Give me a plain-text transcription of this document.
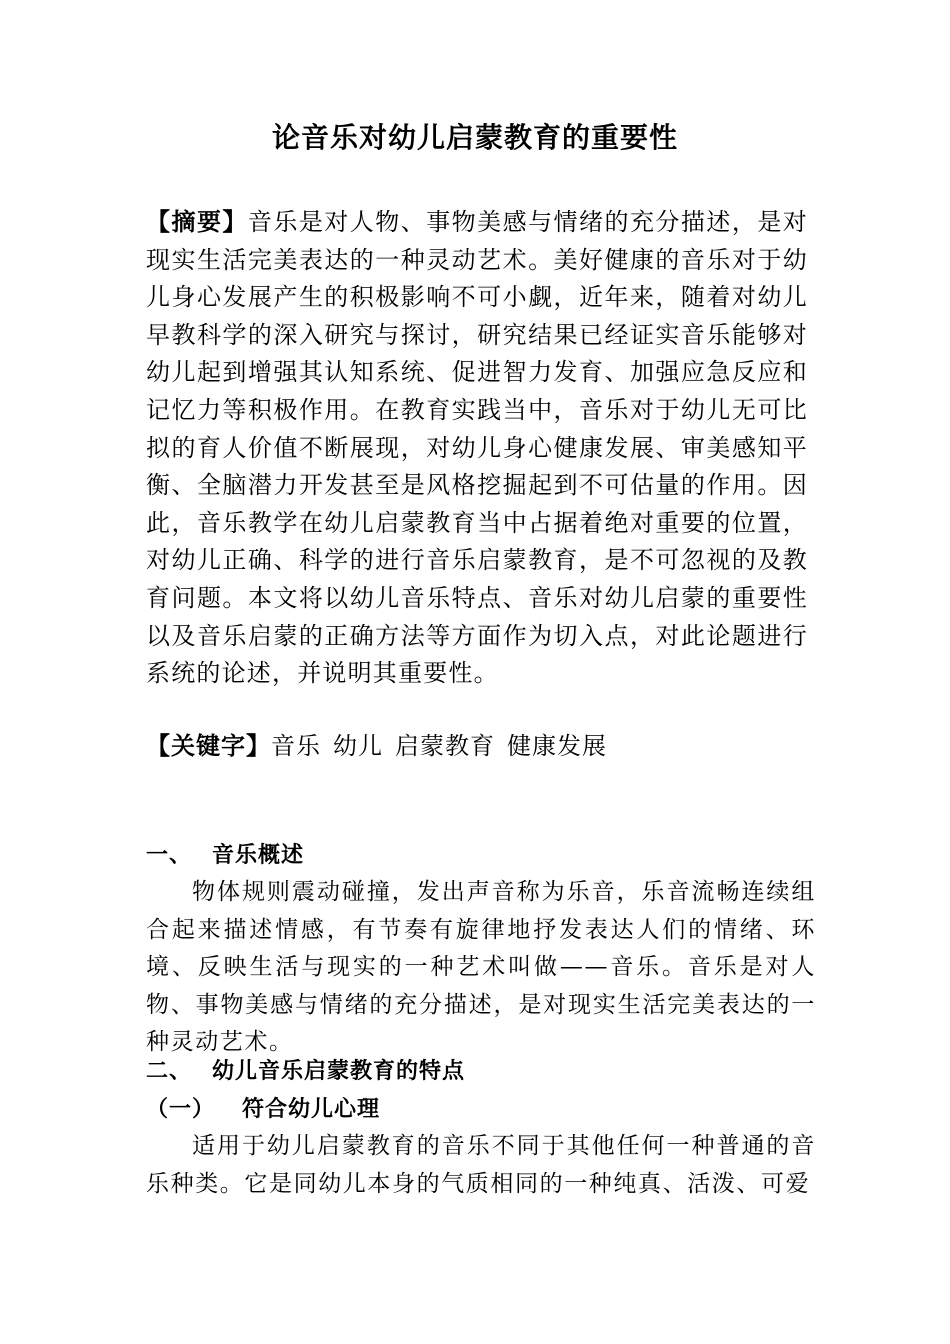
论音乐对幼儿启蒙教育的重要性

【摘要】音乐是对人物、事物美感与情绪的充分描述，是对现实生活完美表达的一种灵动艺术。美好健康的音乐对于幼儿身心发展产生的积极影响不可小觑，近年来，随着对幼儿早教科学的深入研究与探讨，研究结果已经证实音乐能够对幼儿起到增强其认知系统、促进智力发育、加强应急反应和记忆力等积极作用。在教育实践当中，音乐对于幼儿无可比拟的育人价值不断展现，对幼儿身心健康发展、审美感知平衡、全脑潜力开发甚至是风格挖掘起到不可估量的作用。因此，音乐教学在幼儿启蒙教育当中占据着绝对重要的位置，对幼儿正确、科学的进行音乐启蒙教育，是不可忽视的及教育问题。本文将以幼儿音乐特点、音乐对幼儿启蒙的重要性以及音乐启蒙的正确方法等方面作为切入点，对此论题进行系统的论述，并说明其重要性。

【关键字】音乐 幼儿 启蒙教育 健康发展

一、 音乐概述

物体规则震动碰撞，发出声音称为乐音，乐音流畅连续组合起来描述情感，有节奏有旋律地抒发表达人们的情绪、环境、反映生活与现实的一种艺术叫做——音乐。音乐是对人物、事物美感与情绪的充分描述，是对现实生活完美表达的一种灵动艺术。

二、 幼儿音乐启蒙教育的特点

（一） 符合幼儿心理

适用于幼儿启蒙教育的音乐不同于其他任何一种普通的音乐种类。它是同幼儿本身的气质相同的一种纯真、活泼、可爱
